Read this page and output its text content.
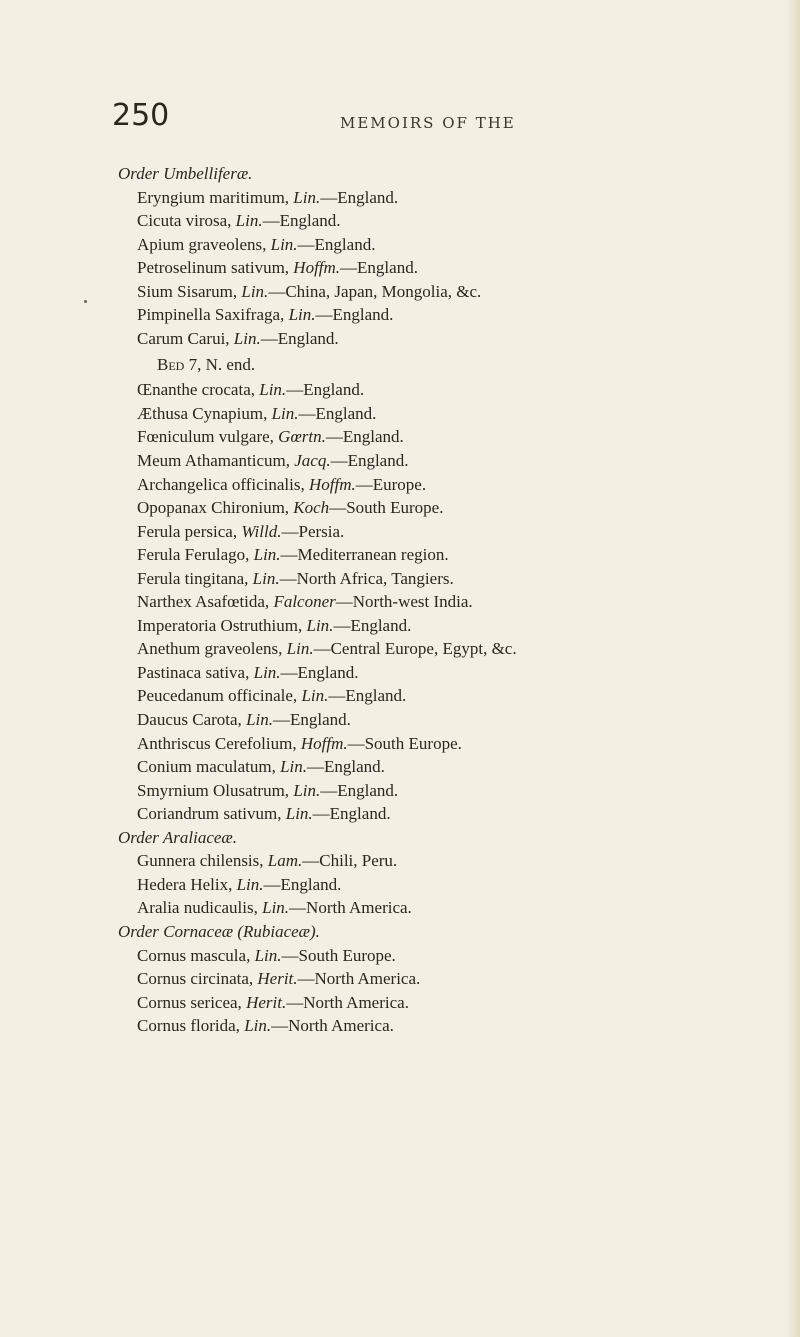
250	MEMOIRS OF THE
Order Umbelliferæ.
Eryngium maritimum, Lin.—England.
Cicuta virosa, Lin.—England.
Apium graveolens, Lin.—England.
Petroselinum sativum, Hoffm.—England.
Sium Sisarum, Lin.—China, Japan, Mongolia, &c.
Pimpinella Saxifraga, Lin.—England.
Carum Carui, Lin.—England.
Bed 7, N. end.
Œnanthe crocata, Lin.—England.
Æthusa Cynapium, Lin.—England.
Fœniculum vulgare, Gœrtn.—England.
Meum Athamanticum, Jacq.—England.
Archangelica officinalis, Hoffm.—Europe.
Opopanax Chironium, Koch—South Europe.
Ferula persica, Willd.—Persia.
Ferula Ferulago, Lin.—Mediterranean region.
Ferula tingitana, Lin.—North Africa, Tangiers.
Narthex Asafœtida, Falconer—North-west India.
Imperatoria Ostruthium, Lin.—England.
Anethum graveolens, Lin.—Central Europe, Egypt, &c.
Pastinaca sativa, Lin.—England.
Peucedanum officinale, Lin.—England.
Daucus Carota, Lin.—England.
Anthriscus Cerefolium, Hoffm.—South Europe.
Conium maculatum, Lin.—England.
Smyrnium Olusatrum, Lin.—England.
Coriandrum sativum, Lin.—England.
Order Araliaceæ.
Gunnera chilensis, Lam.—Chili, Peru.
Hedera Helix, Lin.—England.
Aralia nudicaulis, Lin.—North America.
Order Cornaceæ (Rubiaceæ).
Cornus mascula, Lin.—South Europe.
Cornus circinata, Herit.—North America.
Cornus sericea, Herit.—North America.
Cornus florida, Lin.—North America.
